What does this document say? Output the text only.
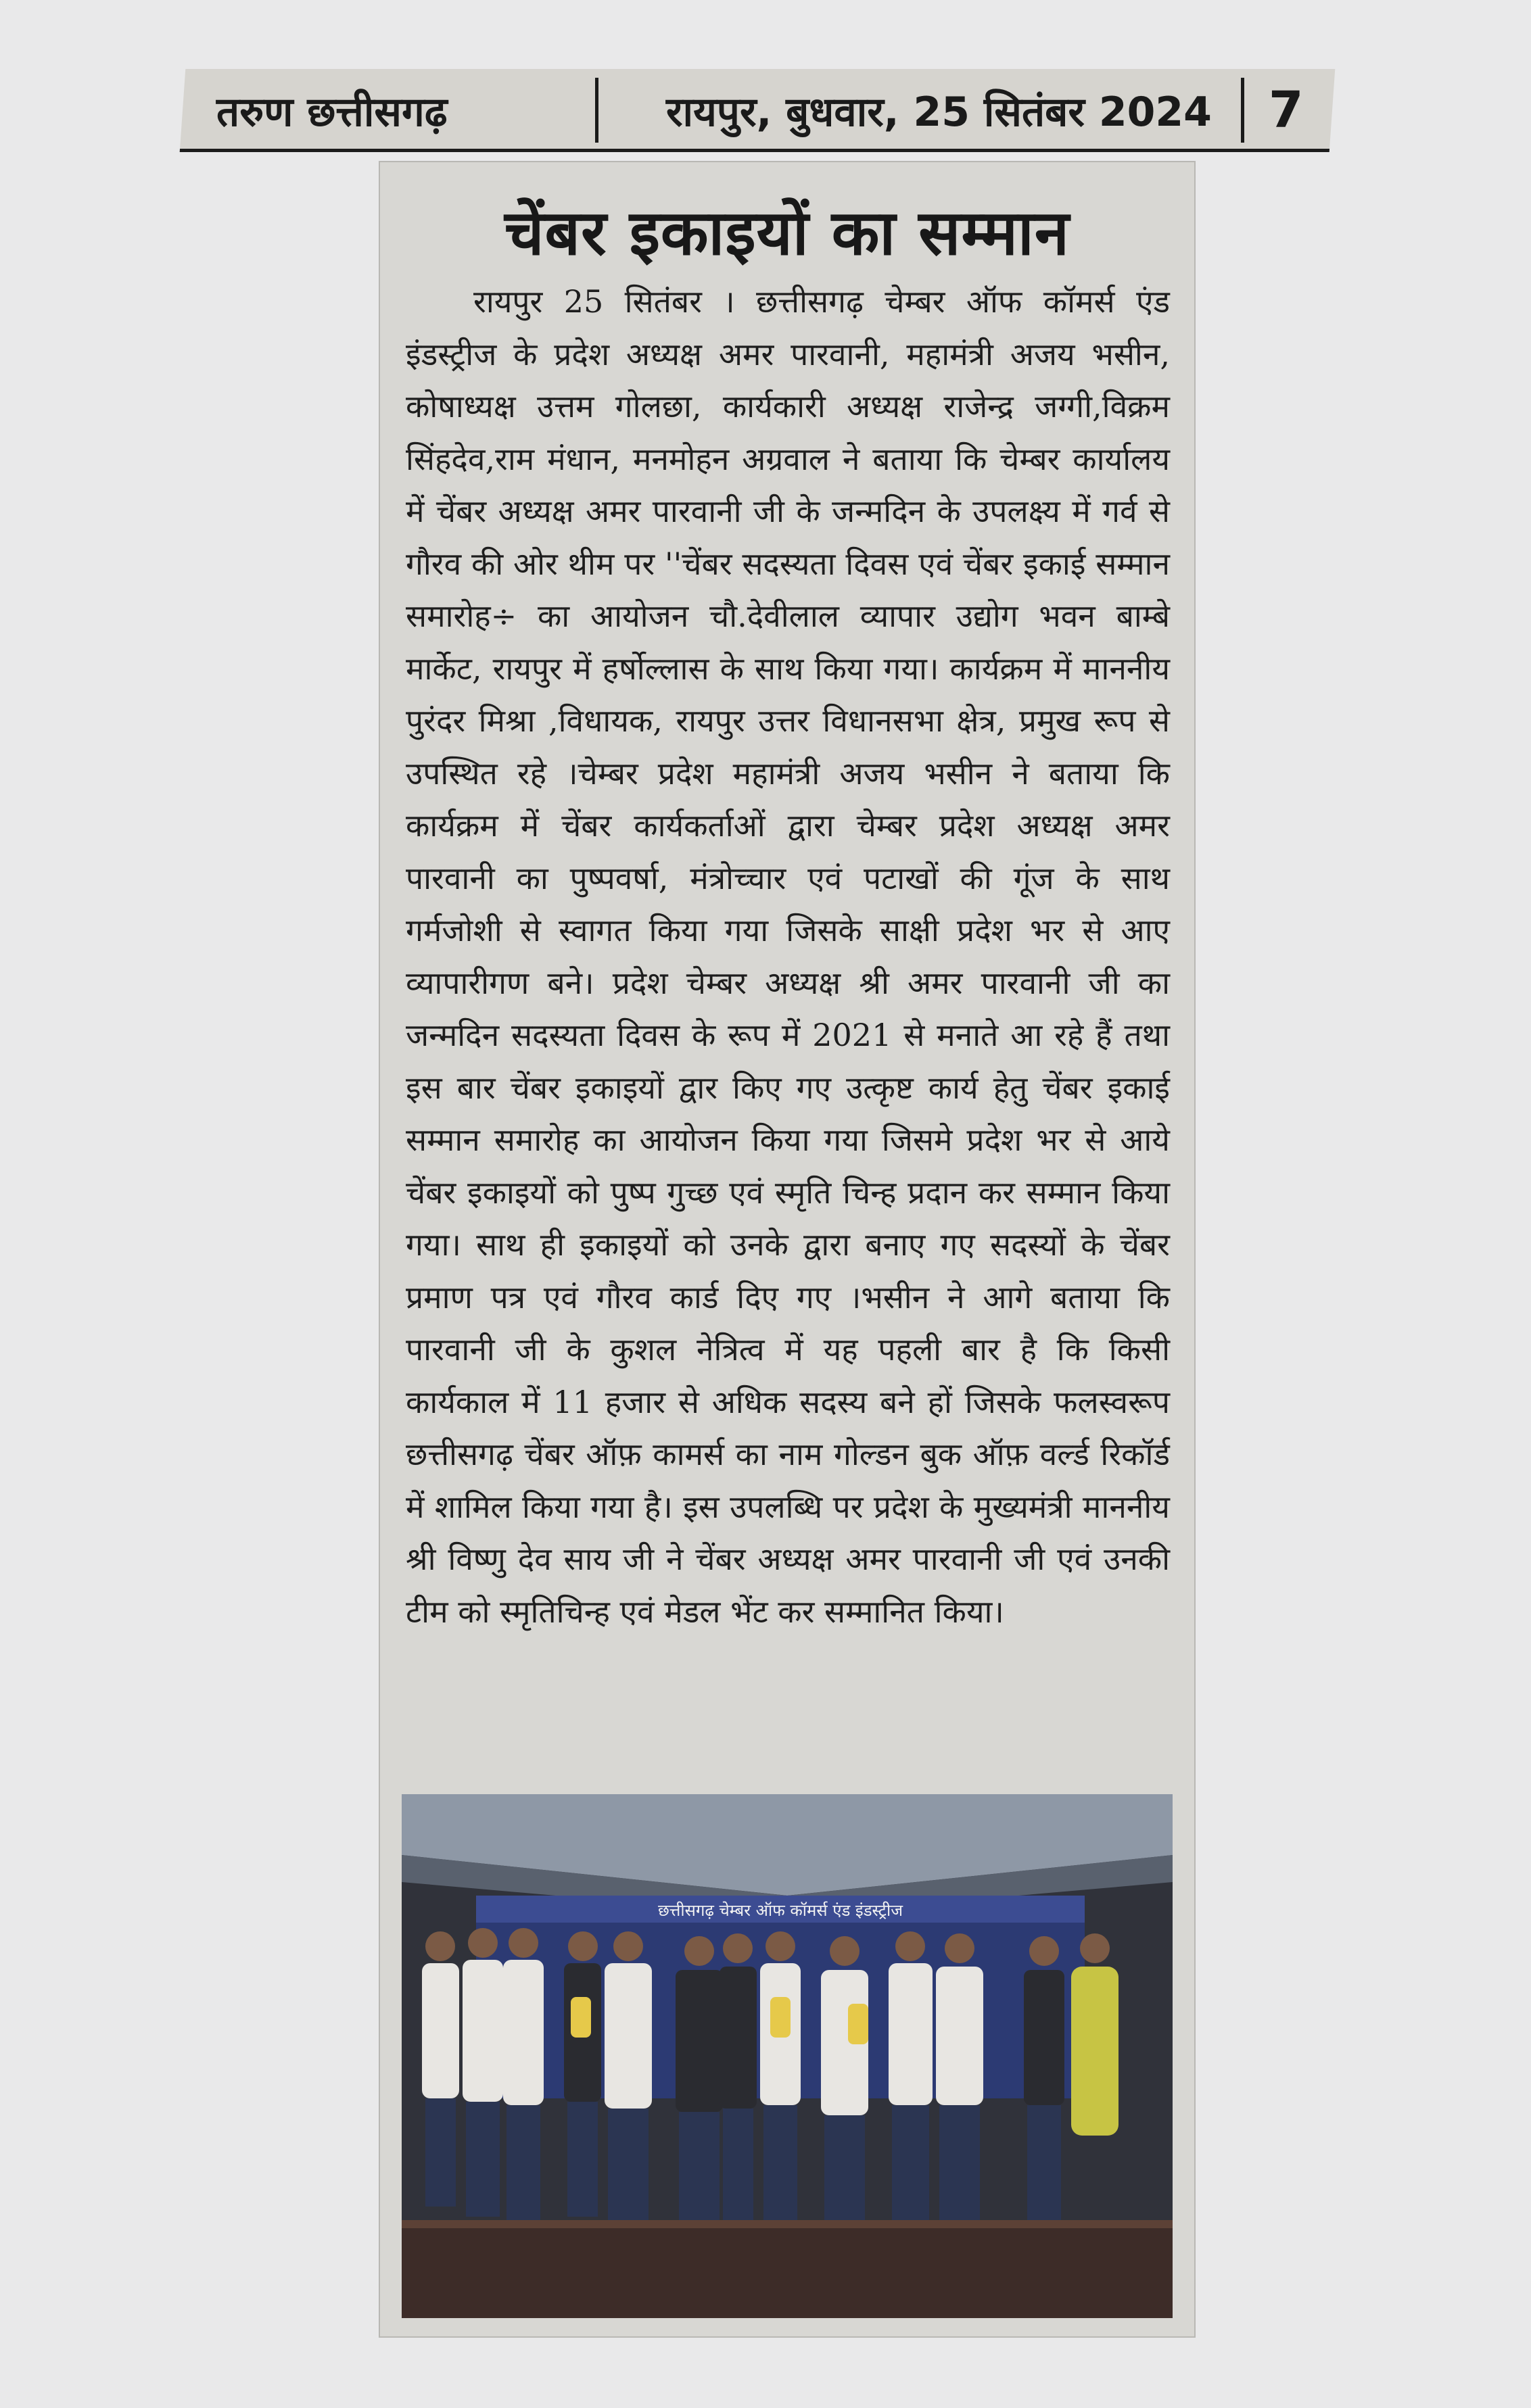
तरुण छत्तीसगढ़	रायपुर, बुधवार, 25 सितंबर 2024	7
चेंबर इकाइयों का सम्मान

रायपुर 25 सितंबर । छत्तीसगढ़ चेम्बर ऑफ कॉमर्स एंड इंडस्ट्रीज के प्रदेश अध्यक्ष अमर पारवानी, महामंत्री अजय भसीन, कोषाध्यक्ष उत्तम गोलछा, कार्यकारी अध्यक्ष राजेन्द्र जग्गी,विक्रम सिंहदेव,राम मंधान, मनमोहन अग्रवाल ने बताया कि चेम्बर कार्यालय में चेंबर अध्यक्ष अमर पारवानी जी के जन्मदिन के उपलक्ष्य में गर्व से गौरव की ओर थीम पर ''चेंबर सदस्यता दिवस एवं चेंबर इकाई सम्मान समारोह÷ का आयोजन चौ.देवीलाल व्यापार उद्योग भवन बाम्बे मार्केट, रायपुर में हर्षोल्लास के साथ किया गया। कार्यक्रम में माननीय पुरंदर मिश्रा ,विधायक, रायपुर उत्तर विधानसभा क्षेत्र, प्रमुख रूप से उपस्थित रहे ।चेम्बर प्रदेश महामंत्री अजय भसीन ने बताया कि कार्यक्रम में चेंबर कार्यकर्ताओं द्वारा चेम्बर प्रदेश अध्यक्ष अमर पारवानी का पुष्पवर्षा, मंत्रोच्चार एवं पटाखों की गूंज के साथ गर्मजोशी से स्वागत किया गया जिसके साक्षी प्रदेश भर से आए व्यापारीगण बने। प्रदेश चेम्बर अध्यक्ष श्री अमर पारवानी जी का जन्मदिन सदस्यता दिवस के रूप में 2021 से मनाते आ रहे हैं तथा इस बार चेंबर इकाइयों द्वार किए गए उत्कृष्ट कार्य हेतु चेंबर इकाई सम्मान समारोह का आयोजन किया गया जिसमे प्रदेश भर से आये चेंबर इकाइयों को पुष्प गुच्छ एवं स्मृति चिन्ह प्रदान कर सम्मान किया गया। साथ ही इकाइयों को उनके द्वारा बनाए गए सदस्यों के चेंबर प्रमाण पत्र एवं गौरव कार्ड दिए गए ।भसीन ने आगे बताया कि पारवानी जी के कुशल नेत्रित्व में यह पहली बार है कि किसी कार्यकाल में 11 हजार से अधिक सदस्य बने हों जिसके फलस्वरूप छत्तीसगढ़ चेंबर ऑफ़ कामर्स का नाम गोल्डन बुक ऑफ़ वर्ल्ड रिकॉर्ड में शामिल किया गया है। इस उपलब्धि पर प्रदेश के मुख्यमंत्री माननीय श्री विष्णु देव साय जी ने चेंबर अध्यक्ष अमर पारवानी जी एवं उनकी टीम को स्मृतिचिन्ह एवं मेडल भेंट कर सम्मानित किया।

छत्तीसगढ़ चेम्बर ऑफ कॉमर्स एंड इंडस्ट्रीज
